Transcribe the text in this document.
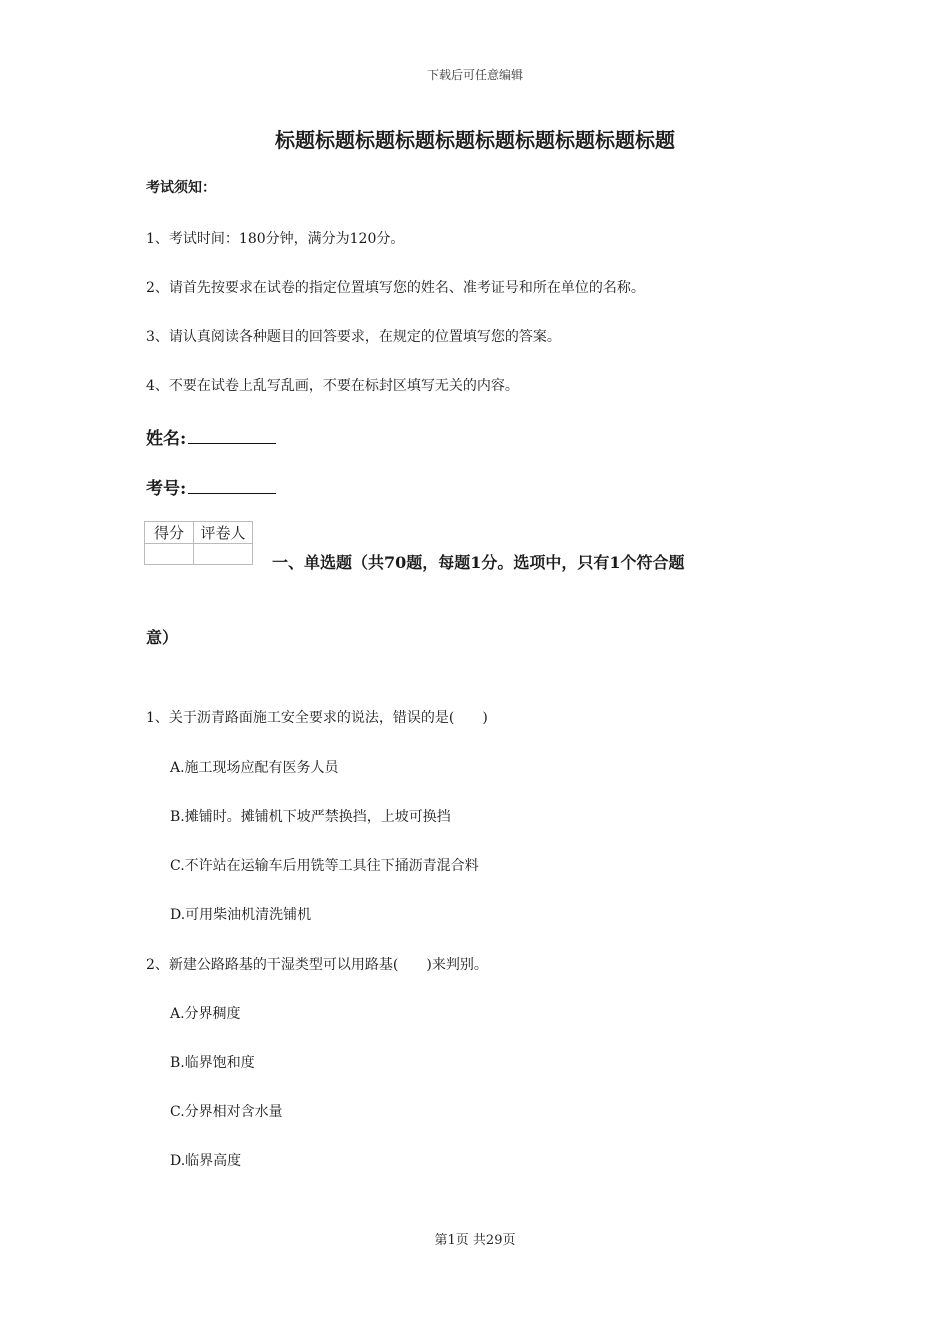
下载后可任意编辑
标题标题标题标题标题标题标题标题标题标题
考试须知：
1、考试时间：180分钟，满分为120分。
2、请首先按要求在试卷的指定位置填写您的姓名、准考证号和所在单位的名称。
3、请认真阅读各种题目的回答要求，在规定的位置填写您的答案。
4、不要在试卷上乱写乱画，不要在标封区填写无关的内容。
姓名:
考号:
得分	评卷人

一、单选题（共70题，每题1分。选项中，只有1个符合题
意）
1、关于沥青路面施工安全要求的说法，错误的是(　　)
A.施工现场应配有医务人员
B.摊铺时。摊铺机下坡严禁换挡，上坡可换挡
C.不许站在运输车后用铣等工具往下捅沥青混合料
D.可用柴油机清洗铺机
2、新建公路路基的干湿类型可以用路基(　　)来判别。
A.分界稠度
B.临界饱和度
C.分界相对含水量
D.临界高度
第1页 共29页
